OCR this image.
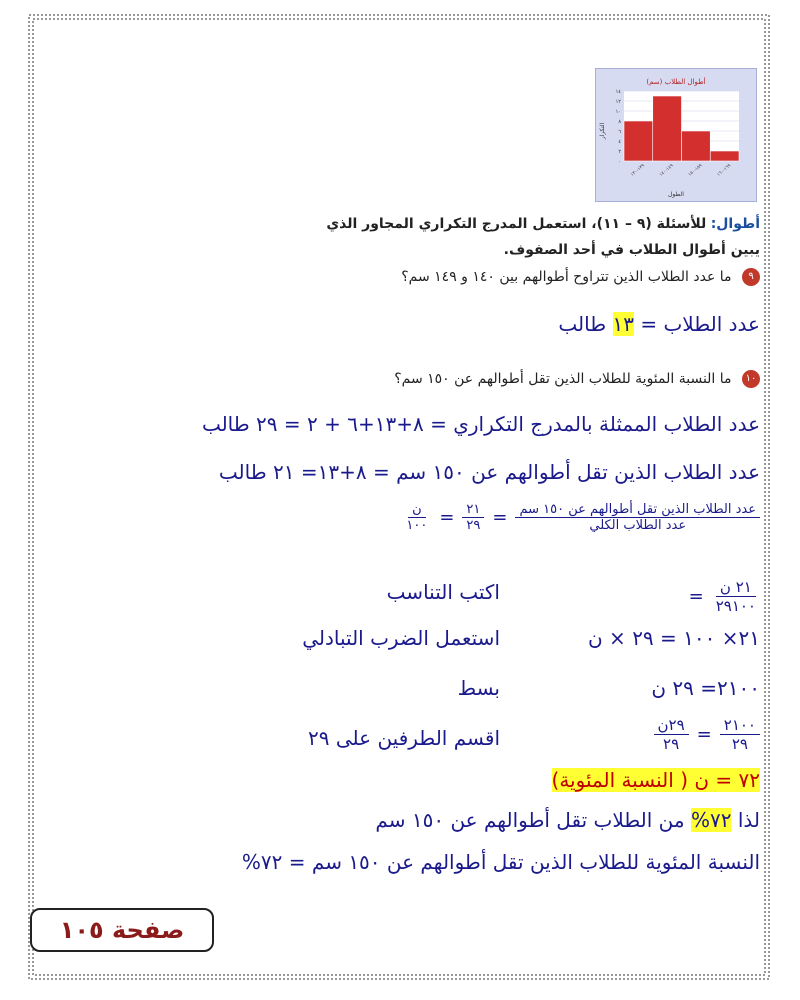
أطوال الطلاب (سم)
التكرار
الطول
١٤
١٢
١٠
٨
٦
٤
٢
٠
١٣٩-١٣٠
١٤٩-١٤٠
١٥٩-١٥٠
١٦٩-١٦٠
أطوال: للأسئلة (٩ – ١١)، استعمل المدرج التكراري المجاور الذي
يبين أطوال الطلاب في أحد الصفوف.
٩ ما عدد الطلاب الذين تتراوح أطوالهم بين ١٤٠ و ١٤٩ سم؟
عدد الطلاب = ١٣ طالب
١٠ ما النسبة المئوية للطلاب الذين تقل أطوالهم عن ١٥٠ سم؟
عدد الطلاب الممثلة بالمدرج التكراري = ٨+١٣+٦ + ٢ = ٢٩ طالب
عدد الطلاب الذين تقل أطوالهم عن ١٥٠ سم = ٨+١٣= ٢١ طالب
$\frac{\text{عدد الطلاب الذين تقل أطوالهم عن ١٥٠ سم}}{\text{عدد الطلاب الكلي}}$
=
$\frac{٢١}{٢٩}$
=
$\frac{\text{ن}}{١٠٠}$
$\frac{\text{٢١ ن}}{٢٩١٠٠}$
=
اكتب التناسب
٢١× ١٠٠ = ٢٩ × ن
استعمل الضرب التبادلي
٢١٠٠= ٢٩ ن
بسط
$\frac{٢١٠٠}{٢٩}$
=
$\frac{\text{٢٩ن}}{٢٩}$
اقسم الطرفين على ٢٩
٧٢ = ن ( النسبة المئوية)
لذا ٧٢% من الطلاب تقل أطوالهم عن ١٥٠ سم
النسبة المئوية للطلاب الذين تقل أطوالهم عن ١٥٠ سم = ٧٢%
صفحة ١٠٥
